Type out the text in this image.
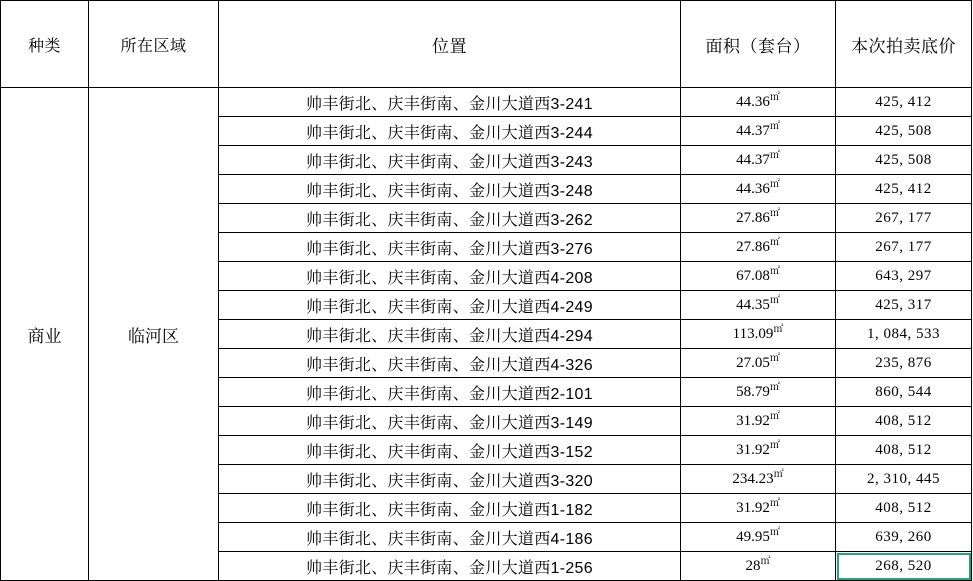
种类	所在区域	位置	面积（套台）	本次拍卖底价
商业	临河区	帅丰街北、庆丰街南、金川大道西3-241	44.36㎡	425, 412
		帅丰街北、庆丰街南、金川大道西3-244	44.37㎡	425, 508
		帅丰街北、庆丰街南、金川大道西3-243	44.37㎡	425, 508
		帅丰街北、庆丰街南、金川大道西3-248	44.36㎡	425, 412
		帅丰街北、庆丰街南、金川大道西3-262	27.86㎡	267, 177
		帅丰街北、庆丰街南、金川大道西3-276	27.86㎡	267, 177
		帅丰街北、庆丰街南、金川大道西4-208	67.08㎡	643, 297
		帅丰街北、庆丰街南、金川大道西4-249	44.35㎡	425, 317
		帅丰街北、庆丰街南、金川大道西4-294	113.09㎡	1, 084, 533
		帅丰街北、庆丰街南、金川大道西4-326	27.05㎡	235, 876
		帅丰街北、庆丰街南、金川大道西2-101	58.79㎡	860, 544
		帅丰街北、庆丰街南、金川大道西3-149	31.92㎡	408, 512
		帅丰街北、庆丰街南、金川大道西3-152	31.92㎡	408, 512
		帅丰街北、庆丰街南、金川大道西3-320	234.23㎡	2, 310, 445
		帅丰街北、庆丰街南、金川大道西1-182	31.92㎡	408, 512
		帅丰街北、庆丰街南、金川大道西4-186	49.95㎡	639, 260
		帅丰街北、庆丰街南、金川大道西1-256	28㎡	268, 520
